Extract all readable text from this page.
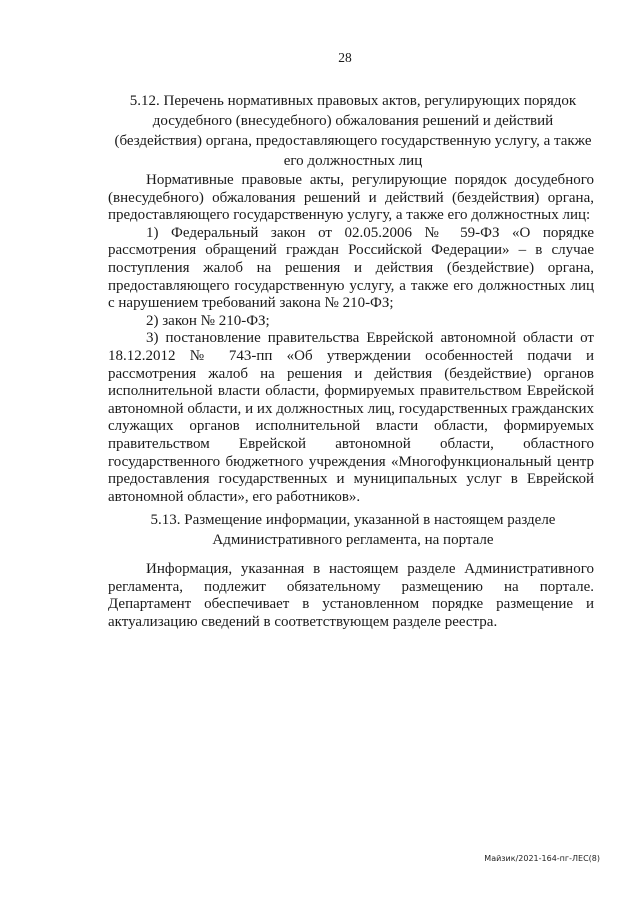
28
5.12. Перечень нормативных правовых актов, регулирующих порядок досудебного (внесудебного) обжалования решений и действий (бездействия) органа, предоставляющего государственную услугу, а также его должностных лиц

Нормативные правовые акты, регулирующие порядок досудебного (внесудебного) обжалования решений и действий (бездействия) органа, предоставляющего государственную услугу, а также его должностных лиц:

1) Федеральный закон от 02.05.2006 № 59-ФЗ «О порядке рассмотрения обращений граждан Российской Федерации» – в случае поступления жалоб на решения и действия (бездействие) органа, предоставляющего государственную услугу, а также его должностных лиц с нарушением требований закона № 210-ФЗ;

2) закон № 210-ФЗ;

3) постановление правительства Еврейской автономной области от 18.12.2012 № 743-пп «Об утверждении особенностей подачи и рассмотрения жалоб на решения и действия (бездействие) органов исполнительной власти области, формируемых правительством Еврейской автономной области, и их должностных лиц, государственных гражданских служащих органов исполнительной власти области, формируемых правительством Еврейской автономной области, областного государственного бюджетного учреждения «Многофункциональный центр предоставления государственных и муниципальных услуг в Еврейской автономной области», его работников».

5.13. Размещение информации, указанной в настоящем разделе Административного регламента, на портале

Информация, указанная в настоящем разделе Административного регламента, подлежит обязательному размещению на портале. Департамент обеспечивает в установленном порядке размещение и актуализацию сведений в соответствующем разделе реестра.

Майзик/2021-164-пг-ЛЕС(8)
